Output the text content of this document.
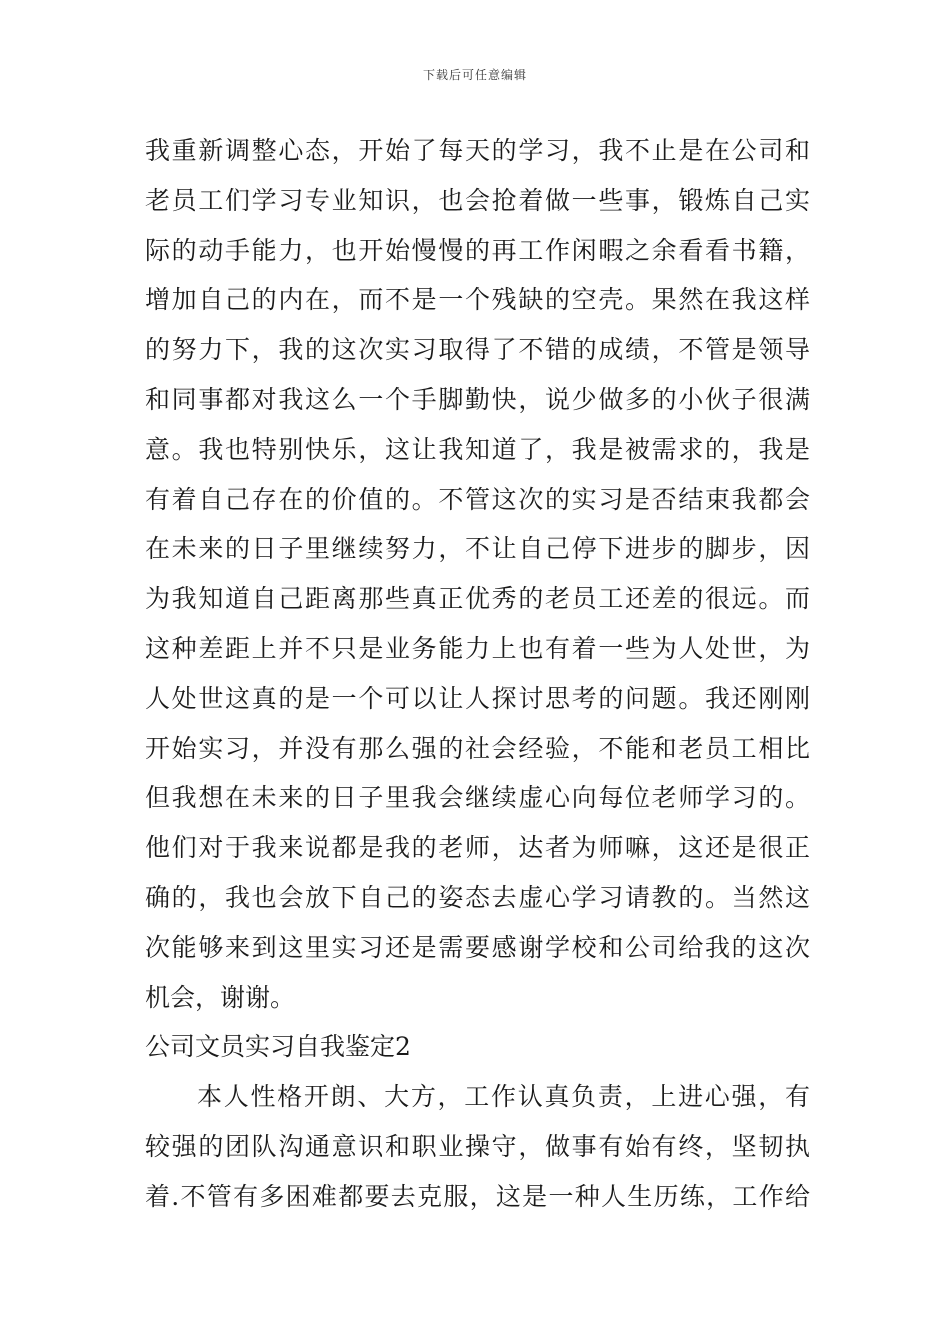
下载后可任意编辑
我重新调整心态，开始了每天的学习，我不止是在公司和
老员工们学习专业知识，也会抢着做一些事，锻炼自己实
际的动手能力，也开始慢慢的再工作闲暇之余看看书籍，
增加自己的内在，而不是一个残缺的空壳。果然在我这样
的努力下，我的这次实习取得了不错的成绩，不管是领导
和同事都对我这么一个手脚勤快，说少做多的小伙子很满
意。我也特别快乐，这让我知道了，我是被需求的，我是
有着自己存在的价值的。不管这次的实习是否结束我都会
在未来的日子里继续努力，不让自己停下进步的脚步，因
为我知道自己距离那些真正优秀的老员工还差的很远。而
这种差距上并不只是业务能力上也有着一些为人处世，为
人处世这真的是一个可以让人探讨思考的问题。我还刚刚
开始实习，并没有那么强的社会经验，不能和老员工相比
但我想在未来的日子里我会继续虚心向每位老师学习的。
他们对于我来说都是我的老师，达者为师嘛，这还是很正
确的，我也会放下自己的姿态去虚心学习请教的。当然这
次能够来到这里实习还是需要感谢学校和公司给我的这次
机会，谢谢。
公司文员实习自我鉴定2
本人性格开朗、大方，工作认真负责，上进心强，有
较强的团队沟通意识和职业操守，做事有始有终，坚韧执
着.不管有多困难都要去克服，这是一种人生历练，工作给
